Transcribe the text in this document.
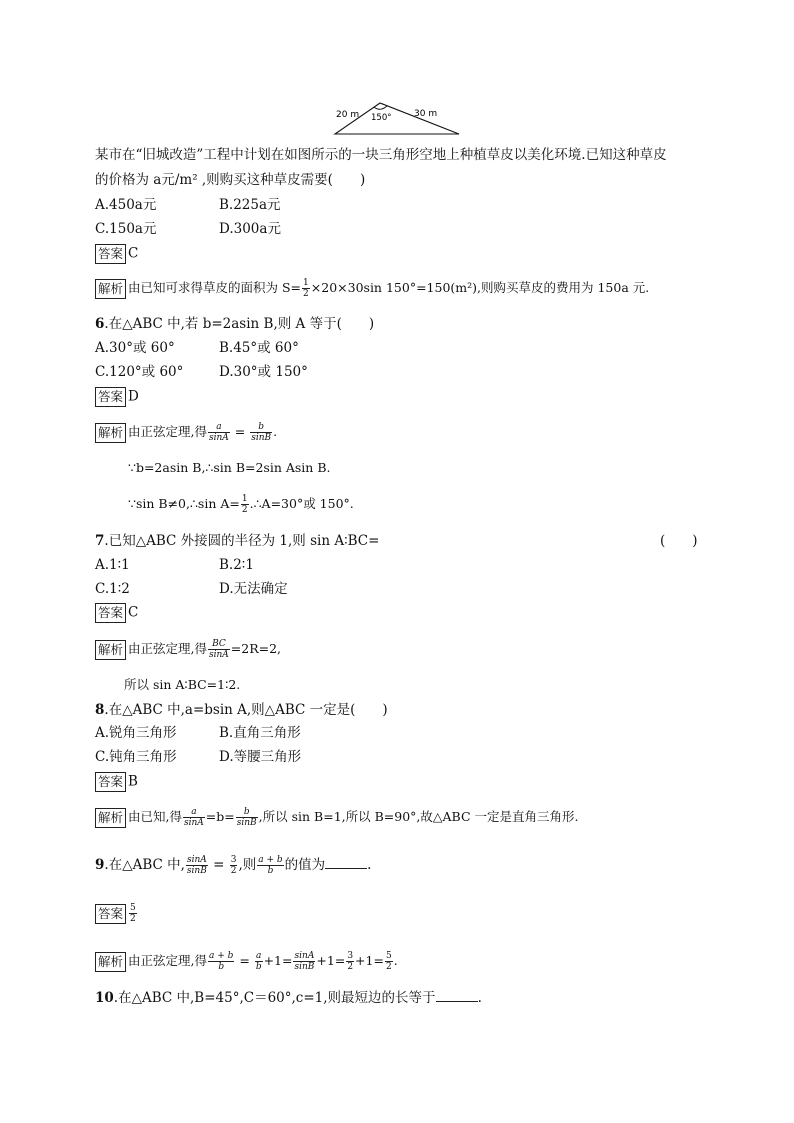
20 m	30 m
150°
某市在“旧城改造”工程中计划在如图所示的一块三角形空地上种植草皮以美化环境.已知这种草皮
的价格为 a元/m² ,则购买这种草皮需要(　　)
A.450a元	B.225a元
C.150a元	D.300a元
答案 C
解析 由已知可求得草皮的面积为 $S= \frac{1}{2} \times 20\times 30\sin$ 150°=150(m²),则购买草皮的费用为 150a 元.
6.在△ABC 中,若 b=2asin B,则 A 等于(　　)
A.30°或 60°	B.45°或 60°
C.120°或 60°	D.30°或 150°
答案 D
解析 由正弦定理,得 $\frac{a}{\sin A} = \frac{b}{\sin B}$ .
∵b=2asin B,∴sin B=2sin Asin B.
∵sin B≠0,∴sin $A= \frac{1}{2}$ .∴A=30°或 150°.
7.已知△ABC 外接圆的半径为 1,则 sin A∶BC=	(　　)
A.1∶1	B.2∶1
C.1∶2	D.无法确定
答案 C
解析 由正弦定理,得 $\frac{BC}{\sin A} =2R=2$,
所以 sin A∶BC=1∶2.
8.在△ABC 中,a=bsin A,则△ABC 一定是(　　)
A.锐角三角形	B.直角三角形
C.钝角三角形	D.等腰三角形
答案 B
解析 由已知,得 $\frac{a}{\sin A} =b= \frac{b}{\sin B}$ ,所以 sin B=1,所以 B=90°,故△ABC 一定是直角三角形.
9.在△ABC 中, $\frac{\sin A}{\sin B} = \frac{3}{2}$ ,则 $\frac{a + b}{b}$ 的值为	.
答案 $\frac{5}{2}$
解析 由正弦定理,得 $\frac{a + b}{b} = \frac{a}{b} +1= \frac{\sin A}{\sin B} +1= \frac{3}{2} +1= \frac{5}{2}$ .
10.在△ABC 中,B=45°,C＝60°,c=1,则最短边的长等于	.
